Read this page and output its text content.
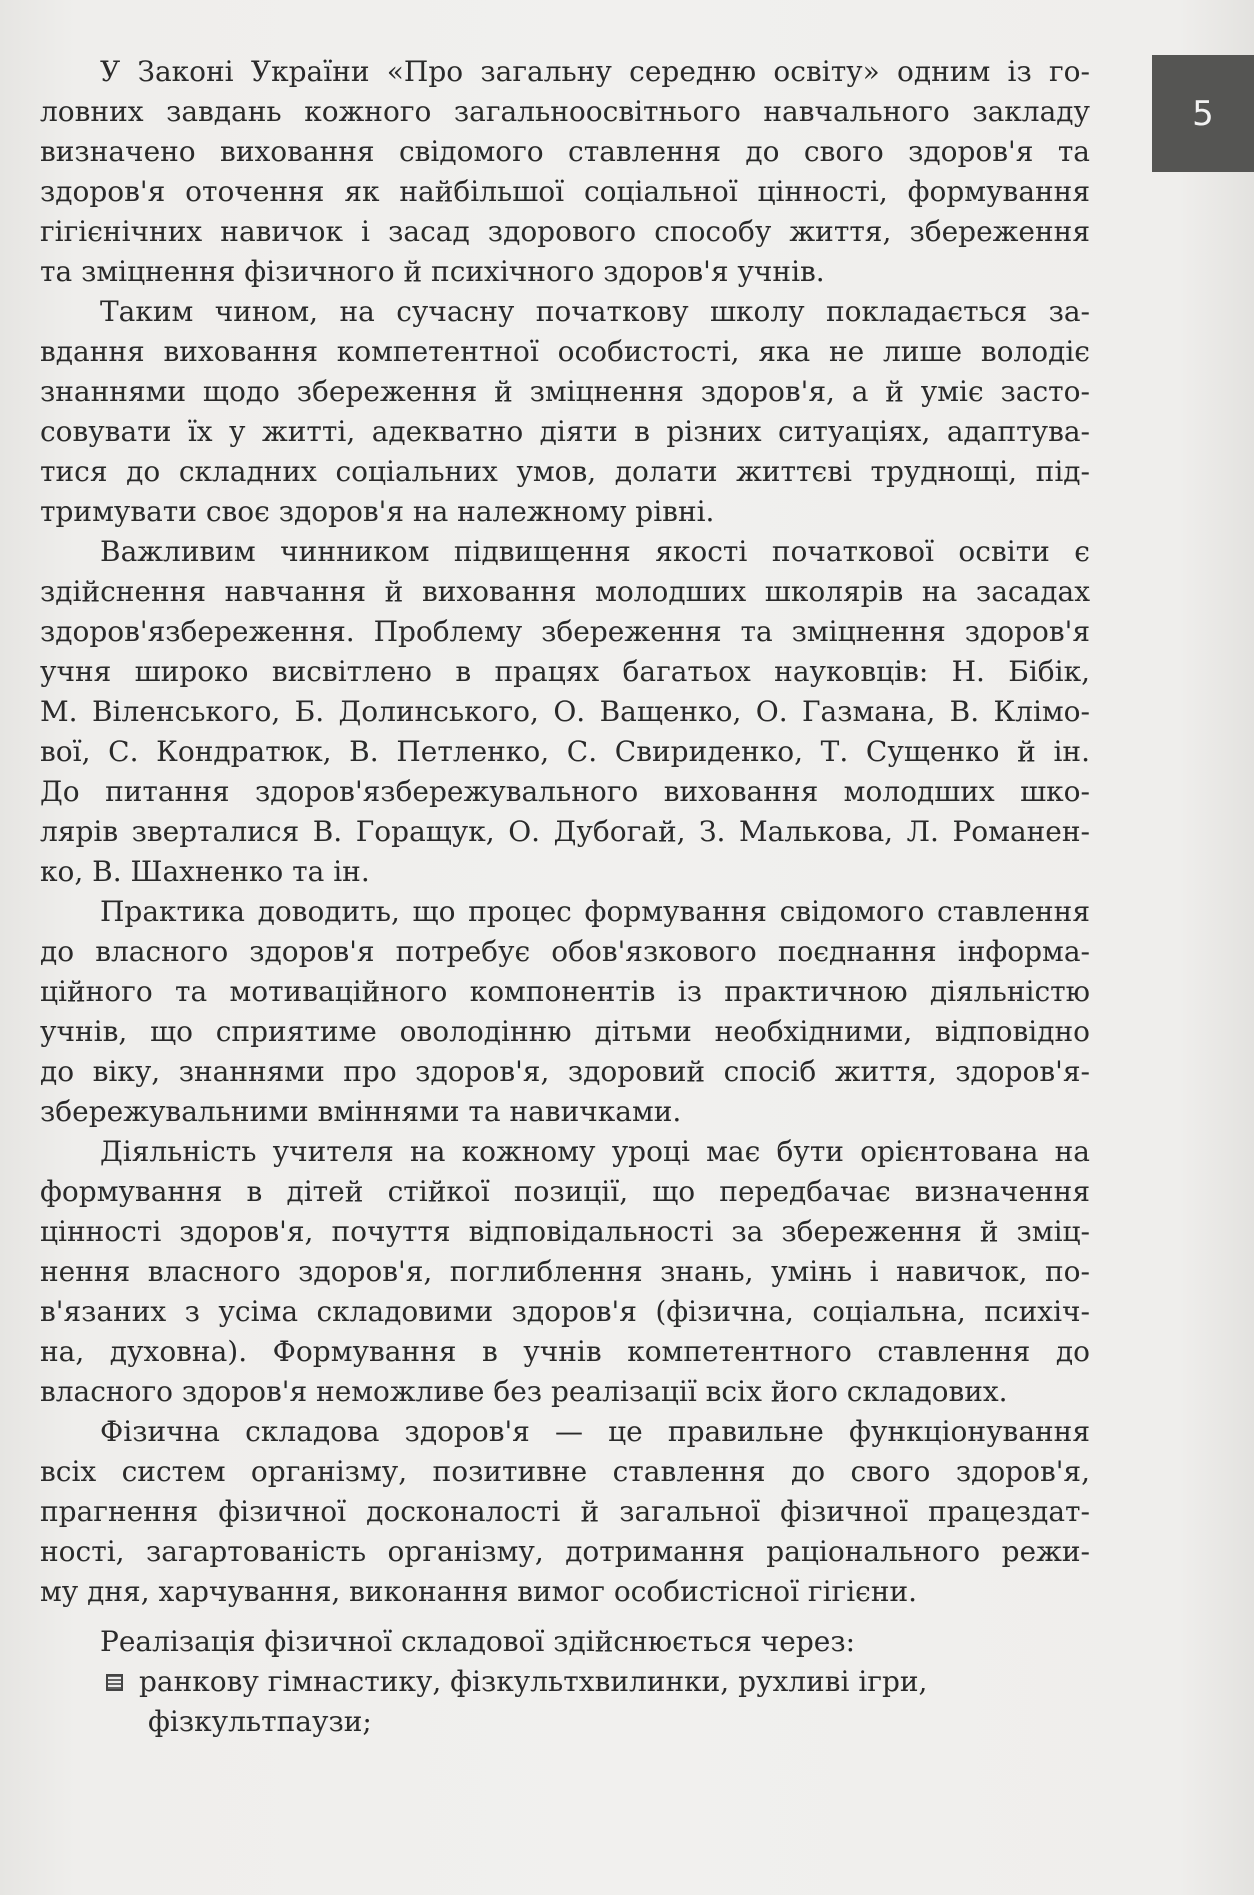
5
У Законі України «Про загальну середню освіту» одним із го-
ловних завдань кожного загальноосвітнього навчального закладу
визначено виховання свідомого ставлення до свого здоров'я та
здоров'я оточення як найбільшої соціальної цінності, формування
гігієнічних навичок і засад здорового способу життя, збереження
та зміцнення фізичного й психічного здоров'я учнів.
Таким чином, на сучасну початкову школу покладається за-
вдання виховання компетентної особистості, яка не лише володіє
знаннями щодо збереження й зміцнення здоров'я, а й уміє засто-
совувати їх у житті, адекватно діяти в різних ситуаціях, адаптува-
тися до складних соціальних умов, долати життєві труднощі, під-
тримувати своє здоров'я на належному рівні.
Важливим чинником підвищення якості початкової освіти є
здійснення навчання й виховання молодших школярів на засадах
здоров'язбереження. Проблему збереження та зміцнення здоров'я
учня широко висвітлено в працях багатьох науковців: Н. Бібік,
М. Віленського, Б. Долинського, О. Ващенко, О. Газмана, В. Клімо-
вої, С. Кондратюк, В. Петленко, С. Свириденко, Т. Сущенко й ін.
До питання здоров'язбережувального виховання молодших шко-
лярів зверталися В. Горащук, О. Дубогай, З. Малькова, Л. Романен-
ко, В. Шахненко та ін.
Практика доводить, що процес формування свідомого ставлення
до власного здоров'я потребує обов'язкового поєднання інформа-
ційного та мотиваційного компонентів із практичною діяльністю
учнів, що сприятиме оволодінню дітьми необхідними, відповідно
до віку, знаннями про здоров'я, здоровий спосіб життя, здоров'я-
збережувальними вміннями та навичками.
Діяльність учителя на кожному уроці має бути орієнтована на
формування в дітей стійкої позиції, що передбачає визначення
цінності здоров'я, почуття відповідальності за збереження й зміц-
нення власного здоров'я, поглиблення знань, умінь і навичок, по-
в'язаних з усіма складовими здоров'я (фізична, соціальна, психіч-
на, духовна). Формування в учнів компетентного ставлення до
власного здоров'я неможливе без реалізації всіх його складових.
Фізична складова здоров'я — це правильне функціонування
всіх систем організму, позитивне ставлення до свого здоров'я,
прагнення фізичної досконалості й загальної фізичної працездат-
ності, загартованість організму, дотримання раціонального режи-
му дня, харчування, виконання вимог особистісної гігієни.
Реалізація фізичної складової здійснюється через:
ранкову гімнастику, фізкультхвилинки, рухливі ігри,
фізкультпаузи;
